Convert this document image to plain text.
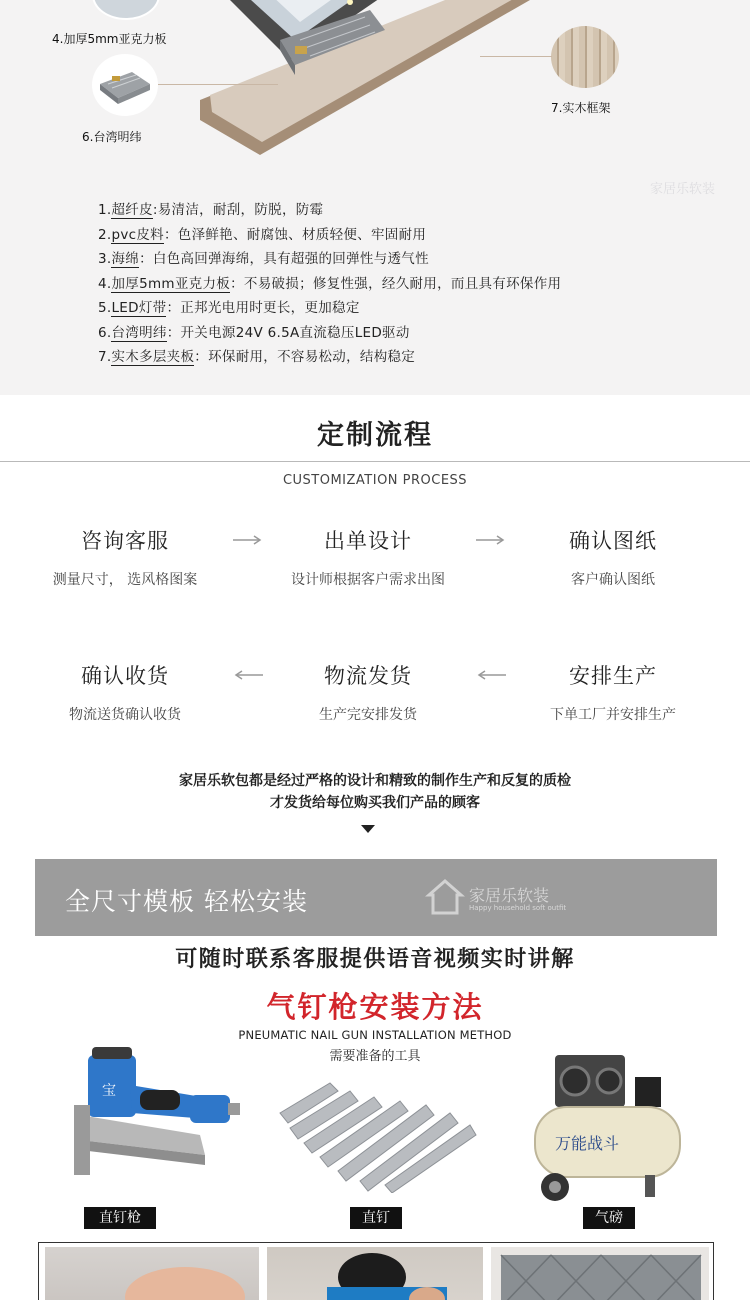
4.加厚5mm亚克力板
6.台湾明纬
7.实木框架
家居乐软装
1.超纤皮:易清洁，耐刮，防脱，防霉
2.pvc皮料：色泽鲜艳、耐腐蚀、材质轻便、牢固耐用
3.海绵：白色高回弹海绵，具有超强的回弹性与透气性
4.加厚5mm亚克力板：不易破损；修复性强，经久耐用，而且具有环保作用
5.LED灯带：正邦光电用时更长，更加稳定
6.台湾明纬：开关电源24V 6.5A直流稳压LED驱动
7.实木多层夹板：环保耐用，不容易松动，结构稳定
定制流程
CUSTOMIZATION PROCESS
咨询客服
测量尺寸， 选风格图案
出单设计
设计师根据客户需求出图
确认图纸
客户确认图纸
安排生产
下单工厂并安排生产
物流发货
生产完安排发货
确认收货
物流送货确认收货
家居乐软包都是经过严格的设计和精致的制作生产和反复的质检
才发货给每位购买我们产品的顾客
全尺寸模板 轻松安装	家居乐软装
Happy household soft outfit
可随时联系客服提供语音视频实时讲解
气钉枪安装方法
PNEUMATIC NAIL GUN INSTALLATION METHOD
需要准备的工具
宝
直钉枪	直钉
万能战斗
气磅
